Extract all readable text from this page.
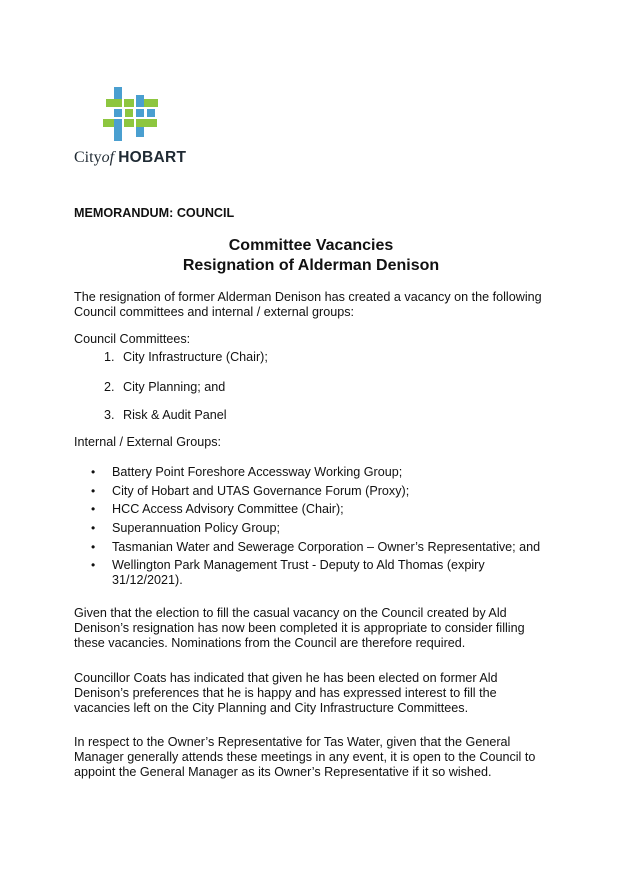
Cityof HOBART
MEMORANDUM: COUNCIL
Committee Vacancies
Resignation of Alderman Denison

The resignation of former Alderman Denison has created a vacancy on the following Council committees and internal / external groups:

Council Committees:

1. City Infrastructure (Chair);
2. City Planning; and
3. Risk & Audit Panel

Internal / External Groups:

• Battery Point Foreshore Accessway Working Group;
• City of Hobart and UTAS Governance Forum (Proxy);
• HCC Access Advisory Committee (Chair);
• Superannuation Policy Group;
• Tasmanian Water and Sewerage Corporation – Owner’s Representative; and
• Wellington Park Management Trust - Deputy to Ald Thomas (expiry 31/12/2021).

Given that the election to fill the casual vacancy on the Council created by Ald Denison’s resignation has now been completed it is appropriate to consider filling these vacancies. Nominations from the Council are therefore required.

Councillor Coats has indicated that given he has been elected on former Ald Denison’s preferences that he is happy and has expressed interest to fill the vacancies left on the City Planning and City Infrastructure Committees.

In respect to the Owner’s Representative for Tas Water, given that the General Manager generally attends these meetings in any event, it is open to the Council to appoint the General Manager as its Owner’s Representative if it so wished.
